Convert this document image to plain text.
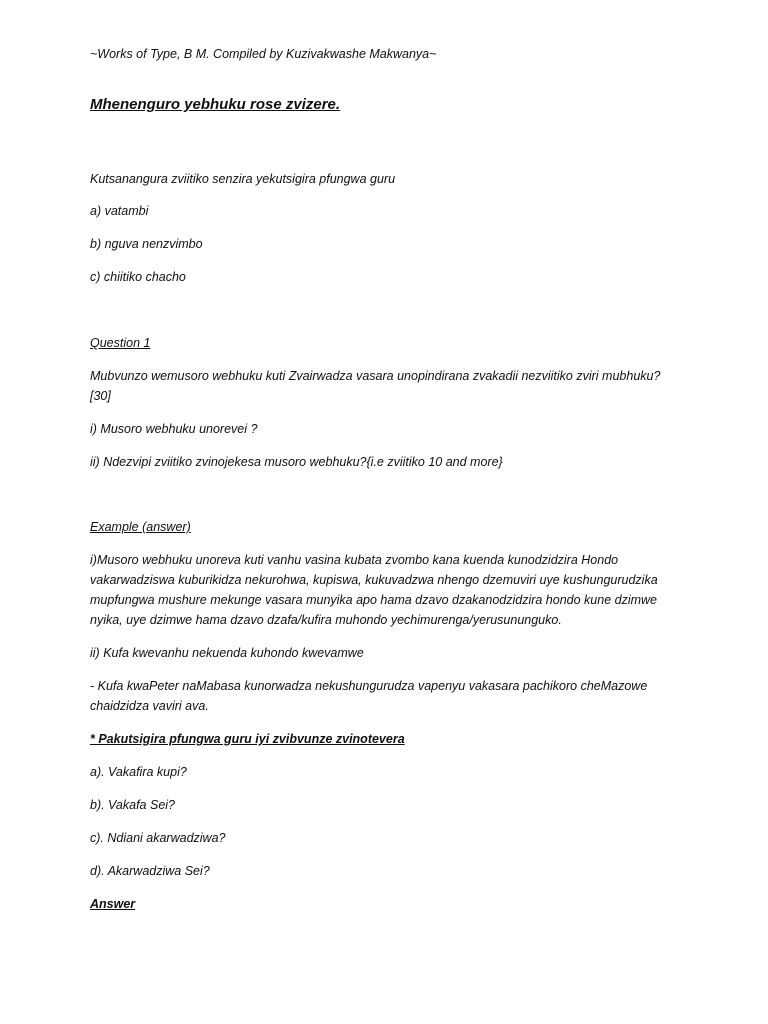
~Works of Type, B M. Compiled by Kuzivakwashe Makwanya~
Mhenenguro yebhuku rose zvizere.
Kutsanangura zviitiko senzira yekutsigira pfungwa guru
a) vatambi
b) nguva nenzvimbo
c) chiitiko chacho
Question 1
Mubvunzo wemusoro webhuku kuti Zvairwadza vasara unopindirana zvakadii nezviitiko zviri mubhuku?
[30]
i) Musoro webhuku unorevei ?
ii) Ndezvipi zviitiko zvinojekesa musoro webhuku?{i.e zviitiko 10 and more}
Example (answer)
i)Musoro webhuku unoreva kuti vanhu vasina kubata zvombo kana kuenda kunodzidzira Hondo
vakarwadziswa kuburikidza nekurohwa, kupiswa, kukuvadzwa nhengo dzemuviri uye kushungurudzika
mupfungwa mushure mekunge vasara munyika apo hama dzavo dzakanodzidzira hondo kune dzimwe
nyika, uye dzimwe hama dzavo dzafa/kufira muhondo yechimurenga/yerusununguko.
ii) Kufa kwevanhu nekuenda kuhondo kwevamwe
- Kufa kwaPeter naMabasa kunorwadza nekushungurudza vapenyu vakasara pachikoro cheMazowe
chaidzidza vaviri ava.
* Pakutsigira pfungwa guru iyi zvibvunze zvinotevera
a). Vakafira kupi?
b). Vakafa Sei?
c). Ndiani akarwadziwa?
d). Akarwadziwa Sei?
Answer
